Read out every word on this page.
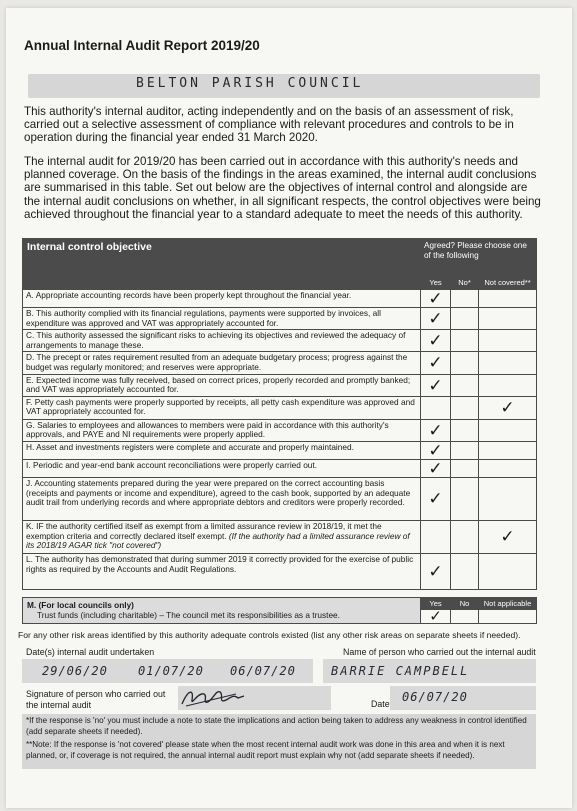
Annual Internal Audit Report 2019/20
BELTON PARISH COUNCIL
This authority's internal auditor, acting independently and on the basis of an assessment of risk, carried out a selective assessment of compliance with relevant procedures and controls to be in operation during the financial year ended 31 March 2020.
The internal audit for 2019/20 has been carried out in accordance with this authority's needs and planned coverage. On the basis of the findings in the areas examined, the internal audit conclusions are summarised in this table. Set out below are the objectives of internal control and alongside are the internal audit conclusions on whether, in all significant respects, the control objectives were being achieved throughout the financial year to a standard adequate to meet the needs of this authority.
Internal control objective	Agreed? Please choose one of the following		
	Yes	No*	Not covered**
A. Appropriate accounting records have been properly kept throughout the financial year.	✓		
B. This authority complied with its financial regulations, payments were supported by invoices, all expenditure was approved and VAT was appropriately accounted for.	✓		
C. This authority assessed the significant risks to achieving its objectives and reviewed the adequacy of arrangements to manage these.	✓		
D. The precept or rates requirement resulted from an adequate budgetary process; progress against the budget was regularly monitored; and reserves were appropriate.	✓		
E. Expected income was fully received, based on correct prices, properly recorded and promptly banked; and VAT was appropriately accounted for.	✓		
F. Petty cash payments were properly supported by receipts, all petty cash expenditure was approved and VAT appropriately accounted for.			✓
G. Salaries to employees and allowances to members were paid in accordance with this authority's approvals, and PAYE and NI requirements were properly applied.	✓		
H. Asset and investments registers were complete and accurate and properly maintained.	✓		
I. Periodic and year-end bank account reconciliations were properly carried out.	✓		
J. Accounting statements prepared during the year were prepared on the correct accounting basis (receipts and payments or income and expenditure), agreed to the cash book, supported by an adequate audit trail from underlying records and where appropriate debtors and creditors were properly recorded.	✓		
K. IF the authority certified itself as exempt from a limited assurance review in 2018/19, it met the exemption criteria and correctly declared itself exempt. (If the authority had a limited assurance review of its 2018/19 AGAR tick "not covered")			✓
L. The authority has demonstrated that during summer 2019 it correctly provided for the exercise of public rights as required by the Accounts and Audit Regulations.	✓		
M. (For local councils only)
Trust funds (including charitable) – The council met its responsibilities as a trustee.	Yes	No	Not applicable
	✓		
For any other risk areas identified by this authority adequate controls existed (list any other risk areas on separate sheets if needed).
Date(s) internal audit undertaken	Name of person who carried out the internal audit
29/06/20	01/07/20 06/07/20	BARRIE CAMPBELL
Signature of person who carried out the internal audit	Date 06/07/20
*If the response is 'no' you must include a note to state the implications and action being taken to address any weakness in control identified (add separate sheets if needed).
**Note: If the response is 'not covered' please state when the most recent internal audit work was done in this area and when it is next planned, or, if coverage is not required, the annual internal audit report must explain why not (add separate sheets if needed).
